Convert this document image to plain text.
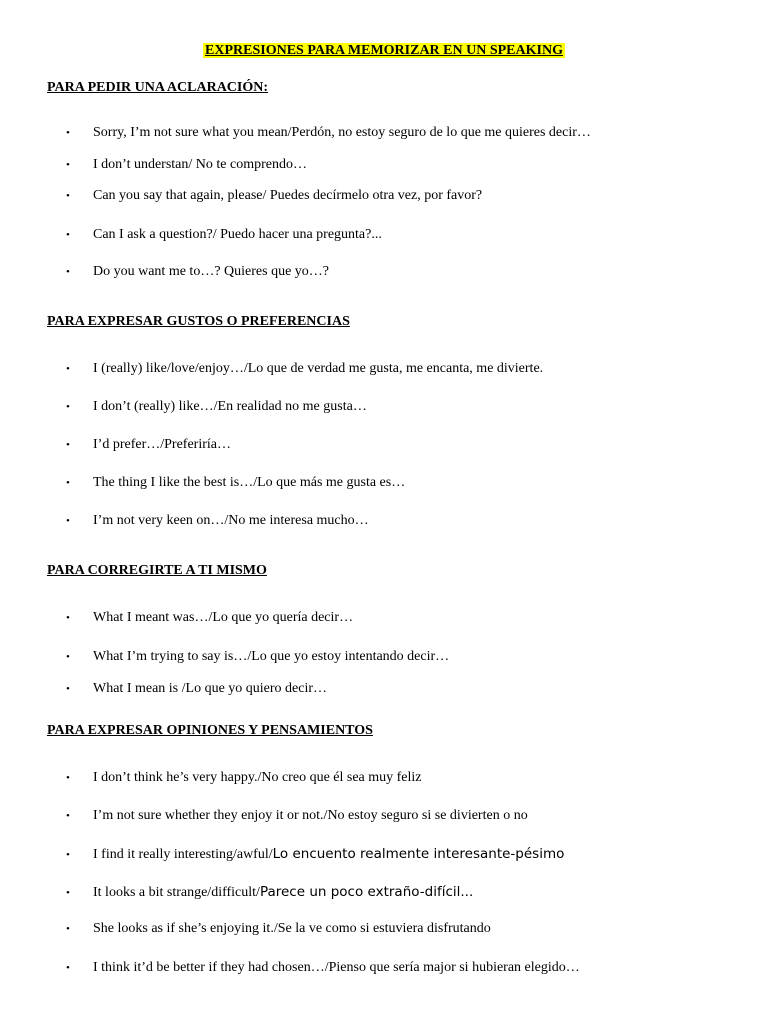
EXPRESIONES PARA MEMORIZAR EN UN SPEAKING
PARA PEDIR UNA ACLARACIÓN:
• Sorry, I’m not sure what you mean/Perdón, no estoy seguro de lo que me quieres decir…
• I don’t understan/ No te comprendo…
• Can you say that again, please/ Puedes decírmelo otra vez, por favor?
• Can I ask a question?/ Puedo hacer una pregunta?...
• Do you want me to…? Quieres que yo…?
PARA EXPRESAR GUSTOS O PREFERENCIAS
• I (really) like/love/enjoy…/Lo que de verdad me gusta, me encanta, me divierte.
• I don’t (really) like…/En realidad no me gusta…
• I’d prefer…/Preferiría…
• The thing I like the best is…/Lo que más me gusta es…
• I’m not very keen on…/No me interesa mucho…
PARA CORREGIRTE A TI MISMO
• What I meant was…/Lo que yo quería decir…
• What I’m trying to say is…/Lo que yo estoy intentando decir…
• What I mean is /Lo que yo quiero decir…
PARA EXPRESAR OPINIONES Y PENSAMIENTOS
• I don’t think he’s very happy./No creo que él sea muy feliz
• I’m not sure whether they enjoy it or not./No estoy seguro si se divierten o no
• I find it really interesting/awful/Lo encuento realmente interesante-pésimo
• It looks a bit strange/difficult/Parece un poco extraño-difícil...
• She looks as if she’s enjoying it./Se la ve como si estuviera disfrutando
• I think it’d be better if they had chosen…/Pienso que sería major si hubieran elegido…
